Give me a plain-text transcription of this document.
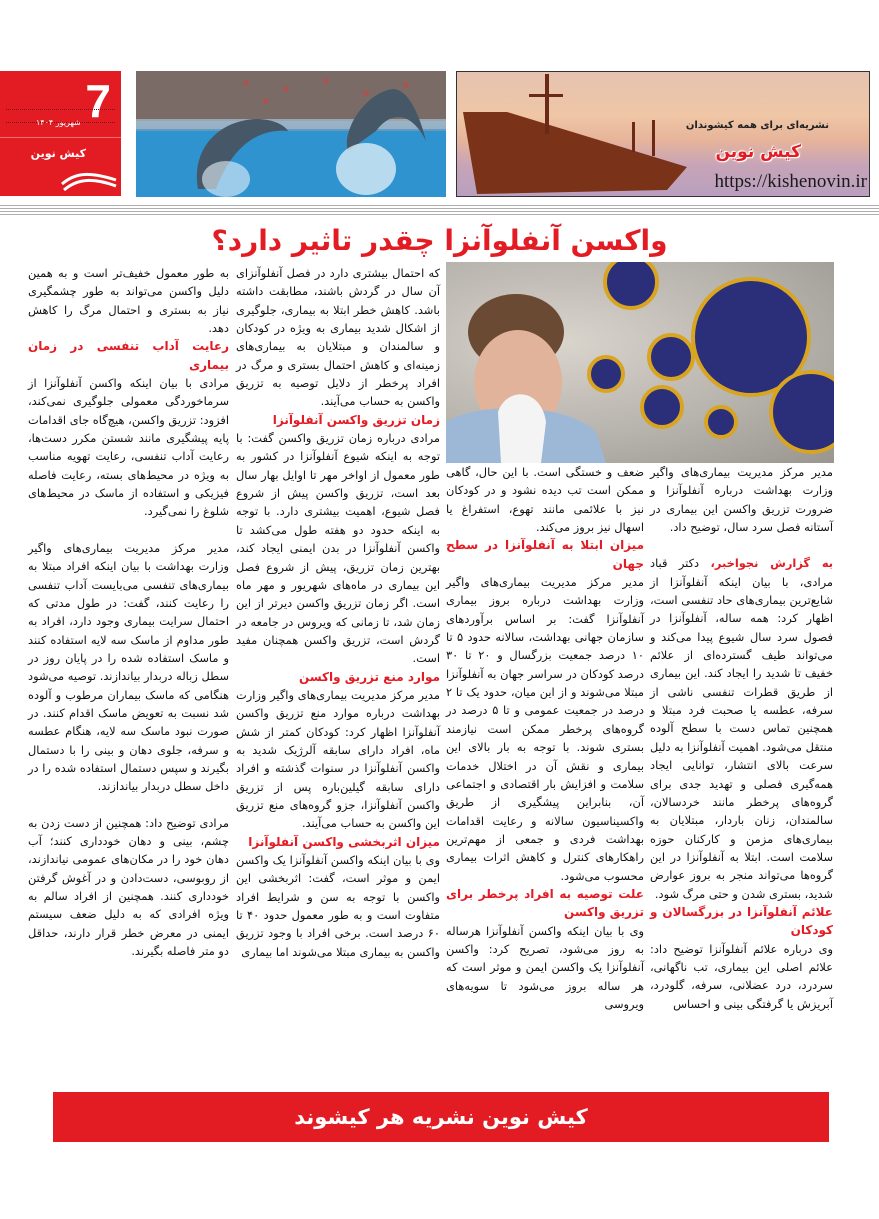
7
شهریور ۱۴۰۴
کیش نوین
نشریه‌ای برای همه کیشوندان
کیش نوین
https://kishenovin.ir
واکسن آنفلوآنزا چقدر تاثیر دارد؟

مدیر مرکز مدیریت بیماری‌های واگیر وزارت بهداشت درباره آنفلوآنزا و ضرورت تزریق واکسن این بیماری در آستانه فصل سرد سال، توضیح داد.

به گزارش نجواخبر، دکتر قباد مرادی، با بیان اینکه آنفلوآنزا از شایع‌ترین بیماری‌های حاد تنفسی است، اظهار کرد: همه ساله، آنفلوآنزا در فصول سرد سال شیوع پیدا می‌کند و می‌تواند طیف گسترده‌ای از علائم خفیف تا شدید را ایجاد کند. این بیماری از طریق قطرات تنفسی ناشی از سرفه، عطسه یا صحبت فرد مبتلا و همچنین تماس دست با سطح آلوده منتقل می‌شود. اهمیت آنفلوآنزا به دلیل سرعت بالای انتشار، توانایی ایجاد همه‌گیری فصلی و تهدید جدی برای گروه‌های پرخطر مانند خردسالان، سالمندان، زنان باردار، مبتلایان به بیماری‌های مزمن و کارکنان حوزه سلامت است. ابتلا به آنفلوآنزا در این گروه‌ها می‌تواند منجر به بروز عوارض شدید، بستری شدن و حتی مرگ شود.

علائم آنفلوآنزا در بزرگسالان و کودکان

وی درباره علائم آنفلوآنزا توضیح داد: علائم اصلی این بیماری، تب ناگهانی، سردرد، درد عضلانی، سرفه، گلودرد، آبریزش یا گرفتگی بینی و احساس

ضعف و خستگی است. با این حال، گاهی ممکن است تب دیده نشود و در کودکان نیز با علائمی مانند تهوع، استفراغ یا اسهال نیز بروز می‌کند.

میزان ابتلا به آنفلوآنزا در سطح جهان

مدیر مرکز مدیریت بیماری‌های واگیر وزارت بهداشت درباره بروز بیماری آنفلوآنزا گفت: بر اساس برآوردهای سازمان جهانی بهداشت، سالانه حدود ۵ تا ۱۰ درصد جمعیت بزرگسال و ۲۰ تا ۳۰ درصد کودکان در سراسر جهان به آنفلوآنزا مبتلا می‌شوند و از این میان، حدود یک تا ۲ درصد در جمعیت عمومی و تا ۵ درصد در گروه‌های پرخطر ممکن است نیازمند بستری شوند. با توجه به بار بالای این بیماری و نقش آن در اختلال خدمات سلامت و افزایش بار اقتصادی و اجتماعی آن، بنابراین پیشگیری از طریق واکسیناسیون سالانه و رعایت اقدامات بهداشت فردی و جمعی از مهم‌ترین راهکارهای کنترل و کاهش اثرات بیماری محسوب می‌شود.

علت توصیه به افراد پرخطر برای تزریق واکسن

وی با بیان اینکه واکسن آنفلوآنزا هرساله به روز می‌شود، تصریح کرد: واکسن آنفلوآنزا یک واکسن ایمن و موثر است که هر ساله بروز می‌شود تا سویه‌های ویروسی

که احتمال بیشتری دارد در فصل آنفلوآنزای آن سال در گردش باشند، مطابقت داشته باشد. کاهش خطر ابتلا به بیماری، جلوگیری از اشکال شدید بیماری به ویژه در کودکان و سالمندان و مبتلایان به بیماری‌های زمینه‌ای و کاهش احتمال بستری و مرگ در افراد پرخطر از دلایل توصیه به تزریق واکسن به حساب می‌آیند.

زمان تزریق واکسن آنفلوآنزا

مرادی درباره زمان تزریق واکسن گفت: با توجه به اینکه شیوع آنفلوآنزا در کشور به طور معمول از اواخر مهر تا اوایل بهار سال بعد است، تزریق واکسن پیش از شروع فصل شیوع، اهمیت بیشتری دارد. با توجه به اینکه حدود دو هفته طول می‌کشد تا واکسن آنفلوآنزا در بدن ایمنی ایجاد کند، بهترین زمان تزریق، پیش از شروع فصل این بیماری در ماه‌های شهریور و مهر ماه است. اگر زمان تزریق واکسن دیرتر از این زمان شد، تا زمانی که ویروس در جامعه در گردش است، تزریق واکسن همچنان مفید است.

موارد منع تزریق واکسن

مدیر مرکز مدیریت بیماری‌های واگیر وزارت بهداشت درباره موارد منع تزریق واکسن آنفلوآنزا اظهار کرد: کودکان کمتر از شش ماه، افراد دارای سابقه آلرژیک شدید به واکسن آنفلوآنزا در سنوات گذشته و افراد دارای سابقه گیلین‌باره پس از تزریق واکسن آنفلوآنزا، جزو گروه‌های منع تزریق این واکسن به حساب می‌آیند.

میزان اثربخشی واکسن آنفلوآنزا

وی با بیان اینکه واکسن آنفلوآنزا یک واکسن ایمن و موثر است، گفت: اثربخشی این واکسن با توجه به سن و شرایط افراد متفاوت است و به طور معمول حدود ۴۰ تا ۶۰ درصد است. برخی افراد با وجود تزریق واکسن به بیماری مبتلا می‌شوند اما بیماری

به طور معمول خفیف‌تر است و به همین دلیل واکسن می‌تواند به طور چشمگیری نیاز به بستری و احتمال مرگ را کاهش دهد.

رعایت آداب تنفسی در زمان بیماری

مرادی با بیان اینکه واکسن آنفلوآنزا از سرماخوردگی معمولی جلوگیری نمی‌کند، افزود: تزریق واکسن، هیچ‌گاه جای اقدامات پایه پیشگیری مانند شستن مکرر دست‌ها، رعایت آداب تنفسی، رعایت تهویه مناسب به ویژه در محیط‌های بسته، رعایت فاصله فیزیکی و استفاده از ماسک در محیط‌های شلوغ را نمی‌گیرد.

مدیر مرکز مدیریت بیماری‌های واگیر وزارت بهداشت با بیان اینکه افراد مبتلا به بیماری‌های تنفسی می‌بایست آداب تنفسی را رعایت کنند، گفت: در طول مدتی که احتمال سرایت بیماری وجود دارد، افراد به طور مداوم از ماسک سه لایه استفاده کنند و ماسک استفاده شده را در پایان روز در سطل زباله دربدار بیاندازند. توصیه می‌شود هنگامی که ماسک بیماران مرطوب و آلوده شد نسبت به تعویض ماسک اقدام کنند. در صورت نبود ماسک سه لایه، هنگام عطسه و سرفه، جلوی دهان و بینی را با دستمال بگیرند و سپس دستمال استفاده شده را در داخل سطل دربدار بیاندازند.

مرادی توضیح داد: همچنین از دست زدن به چشم، بینی و دهان خودداری کنند؛ آب دهان خود را در مکان‌های عمومی نیاندازند، از روبوسی، دست‌دادن و در آغوش گرفتن خودداری کنند. همچنین از افراد سالم به ویژه افرادی که به دلیل ضعف سیستم ایمنی در معرض خطر قرار دارند، حداقل دو متر فاصله بگیرند.

کیش نوین نشریه هر کیشوند
